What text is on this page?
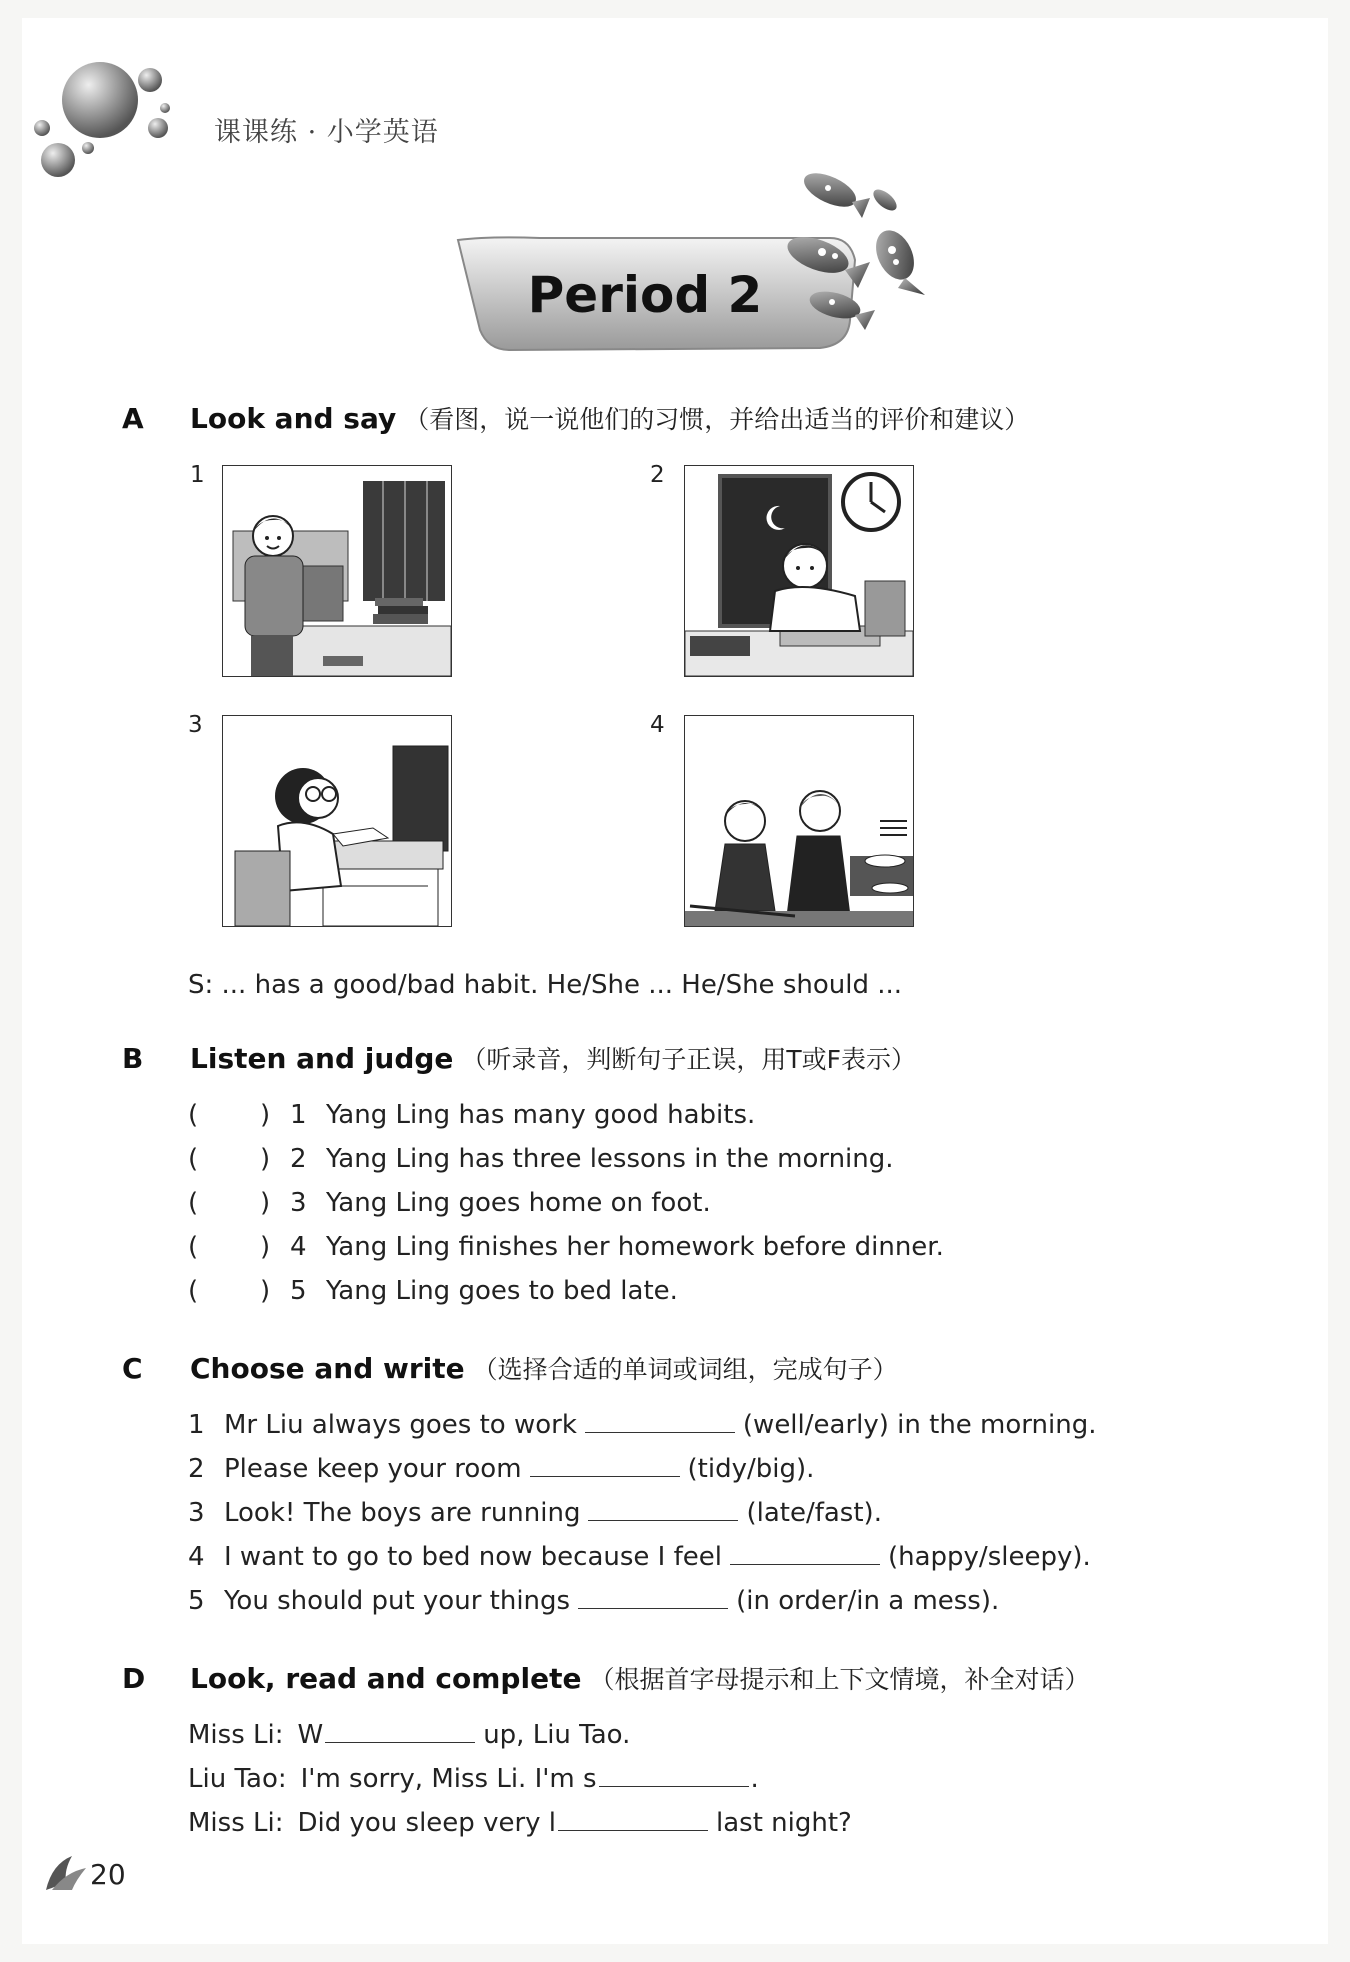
课课练 · 小学英语
Period 2
A	Look and say （看图，说一说他们的习惯，并给出适当的评价和建议）
1	2
3	4
S: ... has a good/bad habit. He/She ... He/She should ...
B	Listen and judge （听录音，判断句子正误，用T或F表示）
(	) 1 Yang Ling has many good habits.
(	) 2 Yang Ling has three lessons in the morning.
(	) 3 Yang Ling goes home on foot.
(	) 4 Yang Ling finishes her homework before dinner.
(	) 5 Yang Ling goes to bed late.
C	Choose and write （选择合适的单词或词组，完成句子）
1 Mr Liu always goes to work	(well/early) in the morning.
2 Please keep your room	(tidy/big).
3 Look! The boys are running	(late/fast).
4 I want to go to bed now because I feel	(happy/sleepy).
5 You should put your things	(in order/in a mess).
D	Look, read and complete （根据首字母提示和上下文情境，补全对话）
Miss Li: W	up, Liu Tao.
Liu Tao: I'm sorry, Miss Li. I'm s	.
Miss Li: Did you sleep very l	last night?
20
